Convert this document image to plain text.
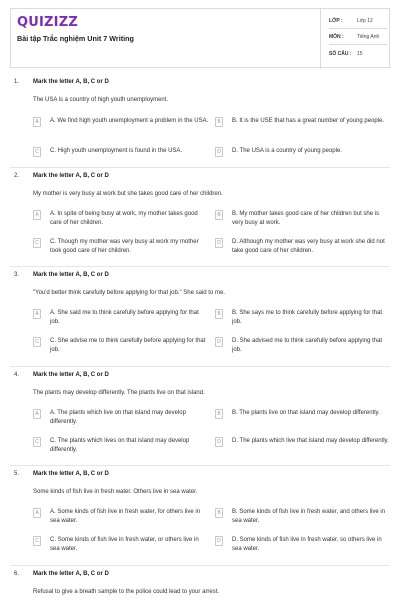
QUIZIZZ
Bài tập Trắc nghiệm Unit 7 Writing
LỚP :	Lớp 12
MÔN :	Tiếng Anh
SỐ CÂU :	15
1. Mark the letter A, B, C or D
The USA is a country of high youth unemployment.
A	A. We find high youth unemployment a problem in the USA.	B	B. It is the USE that has a great number of young people.
C	C. High youth unemployment is found in the USA.	D	D. The USA is a country of young people.
2. Mark the letter A, B, C or D
My mother is very busy at work but she takes good care of her children.
A	A. In spite of being busy at work, my mother takes good care of her children.
B	B. My mother takes good care of her children but she is very busy at work.
C	C. Though my mother was very busy at work my mother took good care of her children.
D	D. Although my mother was very busy at work she did not take good care of her children.
3. Mark the letter A, B, C or D
"You'd better think carefully before applying for that job." She said to me.
A	A. She said me to think carefully before applying for that job.
B	B. She says me to think carefully before applying for that job.
C	C. She advise me to think carefully before applying for that job.
D	D. She advised me to think carefully before applying that job.
4. Mark the letter A, B, C or D
The plants may develop differently. The plants live on that island.
A	A. The plants which live on that island may develop differently.
B	B. The plants live on that island may develop differently.
C	C. The plants which lives on that island may develop differently.
D	D. The plants which live that island may develop differently.
5. Mark the letter A, B, C or D
Some kinds of fish live in fresh water. Others live in sea water.
A	A. Some kinds of fish live in fresh water, for others live in sea water.
B	B. Some kinds of fish live in fresh water, and others live in sea water.
C	C. Some kinds of fish live in fresh water, or others live in sea water.
D	D. Some kinds of fish live in fresh water, so others live in sea water.
6. Mark the letter A, B, C or D
Refusal to give a breath sample to the police could lead to your arrest.
